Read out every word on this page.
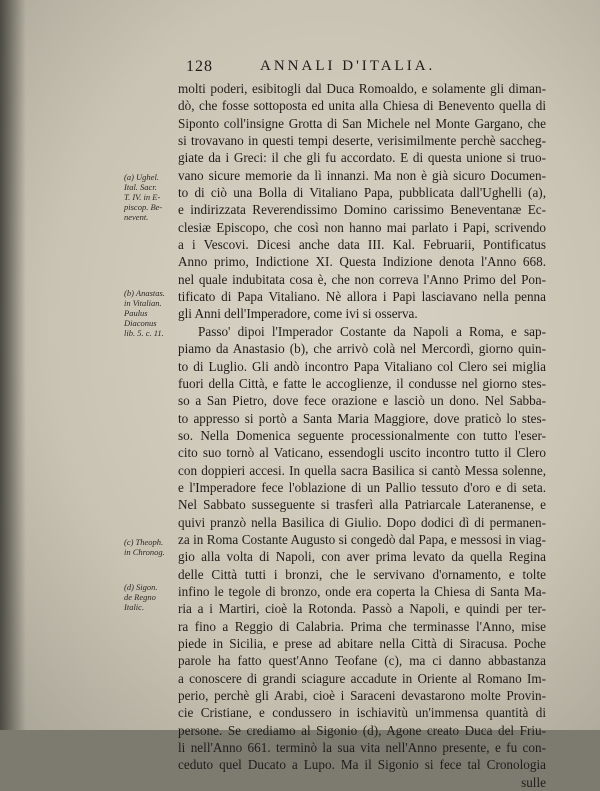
128	ANNALI D'ITALIA.
molti poderi, esibitogli dal Duca Romoaldo, e solamente gli diman-
dò, che fosse sottoposta ed unita alla Chiesa di Benevento quella di
Siponto coll'insigne Grotta di San Michele nel Monte Gargano, che
si trovavano in questi tempi deserte, verisimilmente perchè saccheg-
giate da i Greci: il che gli fu accordato. E di questa unione si truo-
vano sicure memorie da lì innanzi. Ma non è già sicuro Documen-
to di ciò una Bolla di Vitaliano Papa, pubblicata dall'Ughelli (a),
e indirizzata Reverendissimo Domino carissimo Beneventanæ Ec-
clesiæ Episcopo, che così non hanno mai parlato i Papi, scrivendo
a i Vescovi. Dicesi anche data III. Kal. Februarii, Pontificatus
Anno primo, Indictione XI. Questa Indizione denota l'Anno 668.
nel quale indubitata cosa è, che non correva l'Anno Primo del Pon-
tificato di Papa Vitaliano. Nè allora i Papi lasciavano nella penna
gli Anni dell'Imperadore, come ivi si osserva.
Passo' dipoi l'Imperador Costante da Napoli a Roma, e sap-
piamo da Anastasio (b), che arrivò colà nel Mercordì, giorno quin-
to di Luglio. Gli andò incontro Papa Vitaliano col Clero sei miglia
fuori della Città, e fatte le accoglienze, il condusse nel giorno stes-
so a San Pietro, dove fece orazione e lasciò un dono. Nel Sabba-
to appresso si portò a Santa Maria Maggiore, dove praticò lo stes-
so. Nella Domenica seguente processionalmente con tutto l'eser-
cito suo tornò al Vaticano, essendogli uscito incontro tutto il Clero
con doppieri accesi. In quella sacra Basilica si cantò Messa solenne,
e l'Imperadore fece l'oblazione di un Pallio tessuto d'oro e di seta.
Nel Sabbato susseguente si trasferì alla Patriarcale Lateranense, e
quivi pranzò nella Basilica di Giulio. Dopo dodici dì di permanen-
za in Roma Costante Augusto si congedò dal Papa, e messosi in viag-
gio alla volta di Napoli, con aver prima levato da quella Regina
delle Città tutti i bronzi, che le servivano d'ornamento, e tolte
infino le tegole di bronzo, onde era coperta la Chiesa di Santa Ma-
ria a i Martiri, cioè la Rotonda. Passò a Napoli, e quindi per ter-
ra fino a Reggio di Calabria. Prima che terminasse l'Anno, mise
piede in Sicilia, e prese ad abitare nella Città di Siracusa. Poche
parole ha fatto quest'Anno Teofane (c), ma ci danno abbastanza
a conoscere di grandi sciagure accadute in Oriente al Romano Im-
perio, perchè gli Arabi, cioè i Saraceni devastarono molte Provin-
cie Cristiane, e condussero in ischiavitù un'immensa quantità di
persone. Se crediamo al Sigonio (d), Agone creato Duca del Friu-
li nell'Anno 661. terminò la sua vita nell'Anno presente, e fu con-
ceduto quel Ducato a Lupo. Ma il Sigonio si fece tal Cronologia
sulle
(a) Ughel.
Ital. Sacr.
T. IV. in E-
piscop. Be-
nevent.
(b) Anastas.
in Vitalian.
Paulus
Diaconus
lib. 5. c. 11.
(c) Theoph.
in Chronog.
(d) Sigon.
de Regno
Italic.
